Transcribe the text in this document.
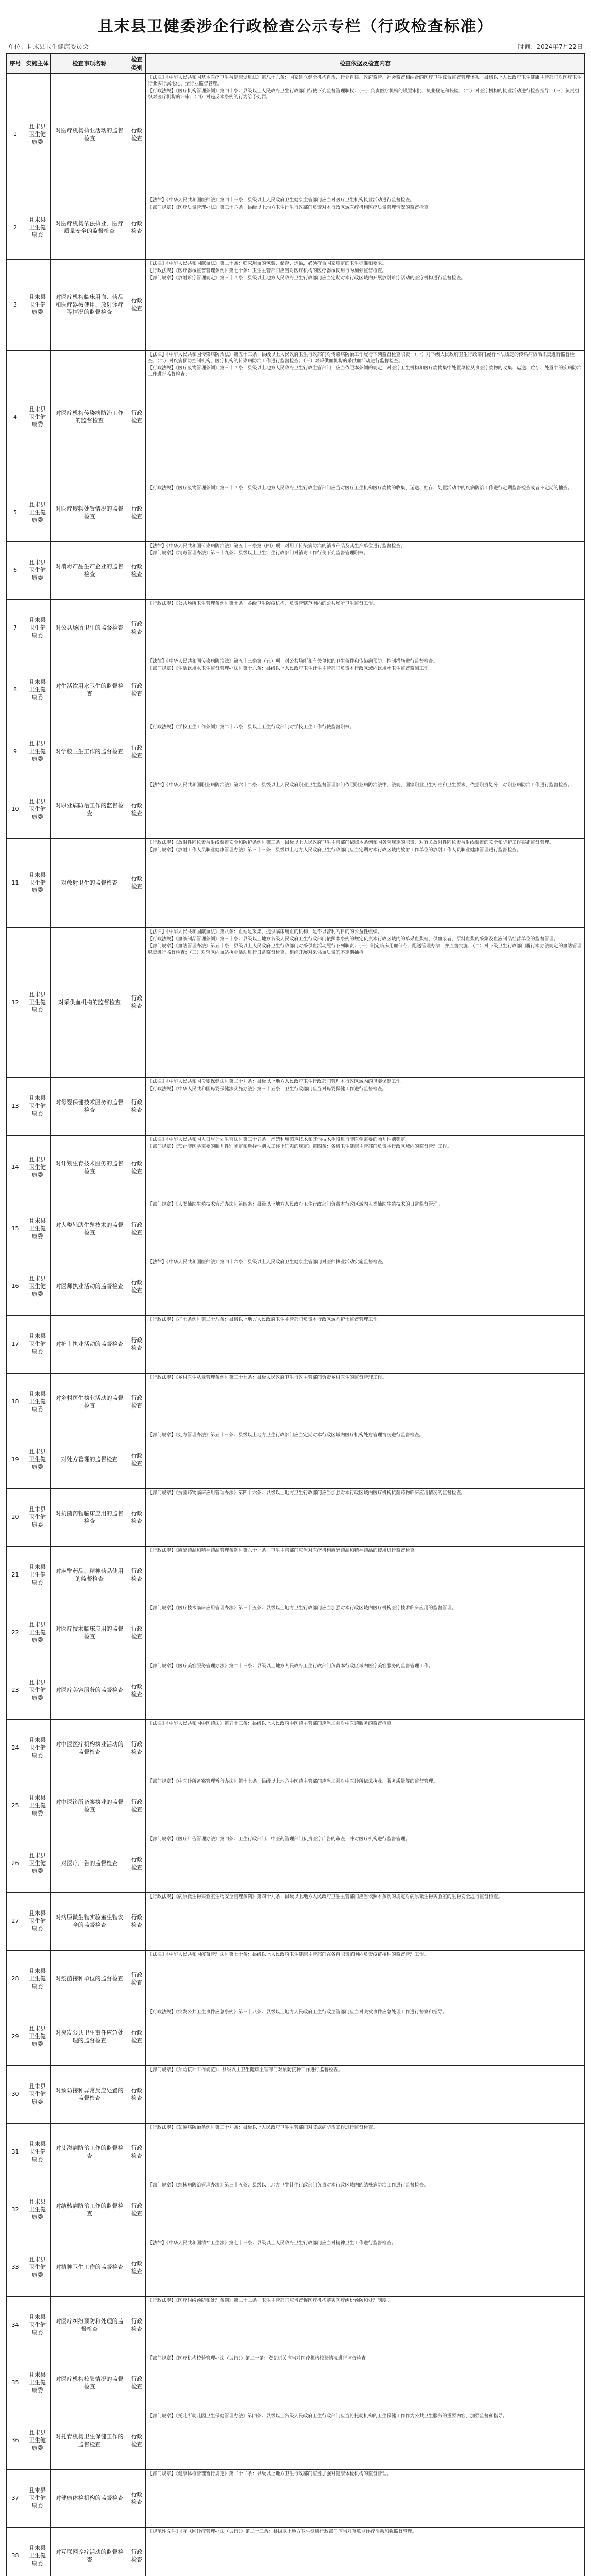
且末县卫健委涉企行政检查公示专栏（行政检查标准）
单位：且末县卫生健康委员会	时间：2024年7月22日
序号	实施主体	检查事项名称	检查类别	检查依据及检查内容
1	且末县卫生健康委	对医疗机构执业活动的监督检查	行政检查	【法律】《中华人民共和国基本医疗卫生与健康促进法》第八十六条：国家建立健全机构自治、行业自律、政府监管、社会监督相结合的医疗卫生综合监督管理体系。县级以上人民政府卫生健康主管部门对医疗卫生行业实行属地化、全行业监督管理。

【行政法规】《医疗机构管理条例》第四十条：县级以上人民政府卫生行政部门行使下列监督管理职权：（一）负责医疗机构的设置审批、执业登记和校验；（二）对医疗机构的执业活动进行检查指导；（三）负责组织对医疗机构的评审；（四）对违反本条例的行为给予处罚。

2	且末县卫生健康委	对医疗机构依法执业、医疗质量安全的监督检查	行政检查	【法律】《中华人民共和国医师法》第四十三条：县级以上人民政府卫生健康主管部门应当对医疗卫生机构执业活动进行监督检查。

【部门规章】《医疗质量管理办法》第三十六条：县级以上地方卫生计生行政部门负责对本行政区域医疗机构医疗质量管理情况的监督检查。

3	且末县卫生健康委	对医疗机构临床用血、药品和医疗器械使用、放射诊疗等情况的监督检查	行政检查	【法律】《中华人民共和国献血法》第二十条：临床用血的包装、储存、运输，必须符合国家规定的卫生标准和要求。

【行政法规】《医疗器械监督管理条例》第七十条：卫生主管部门应当对医疗机构的医疗器械使用行为加强监督检查。

【部门规章】《放射诊疗管理规定》第三十四条：县级以上地方人民政府卫生行政部门应当定期对本行政区域内开展放射诊疗活动的医疗机构进行监督检查。

4	且末县卫生健康委	对医疗机构传染病防治工作的监督检查	行政检查	【法律】《中华人民共和国传染病防治法》第五十三条：县级以上人民政府卫生行政部门对传染病防治工作履行下列监督检查职责：（一）对下级人民政府卫生行政部门履行本法规定的传染病防治职责进行监督检查；（二）对疾病预防控制机构、医疗机构的传染病防治工作进行监督检查；（三）对采供血机构的采供血活动进行监督检查。

【行政法规】《医疗废物管理条例》第三十四条：县级以上地方人民政府卫生行政主管部门，应当依照本条例的规定，对医疗卫生机构和医疗废物集中处置单位从事医疗废物的收集、运送、贮存、处置中的疾病防治工作进行监督检查。

5	且末县卫生健康委	对医疗废物处置情况的监督检查	行政检查	【行政法规】《医疗废物管理条例》第三十四条：县级以上地方人民政府卫生行政主管部门应当对医疗卫生机构医疗废物的收集、运送、贮存、处置活动中的疾病防治工作进行定期监督检查或者不定期的抽查。

6	且末县卫生健康委	对消毒产品生产企业的监督检查	行政检查	【法律】《中华人民共和国传染病防治法》第五十三条第（四）项：对用于传染病防治的消毒产品及其生产单位进行监督检查。

【部门规章】《消毒管理办法》第三十九条：县级以上卫生计生行政部门对消毒工作行使下列监督管理职权。

7	且末县卫生健康委	对公共场所卫生的监督检查	行政检查	【行政法规】《公共场所卫生管理条例》第十条：各级卫生防疫机构，负责管辖范围内的公共场所卫生监督工作。

8	且末县卫生健康委	对生活饮用水卫生的监督检查	行政检查	【法律】《中华人民共和国传染病防治法》第五十三条第（五）项：对公共场所和有关单位的卫生条件和传染病预防、控制措施进行监督检查。

【部门规章】《生活饮用水卫生监督管理办法》第十六条：县级以上人民政府卫生计生主管部门负责本行政区域内饮用水卫生监督监测工作。

9	且末县卫生健康委	对学校卫生工作的监督检查	行政检查	【行政法规】《学校卫生工作条例》第二十八条：县以上卫生行政部门对学校卫生工作行使监督职权。

10	且末县卫生健康委	对职业病防治工作的监督检查	行政检查	【法律】《中华人民共和国职业病防治法》第六十二条：县级以上人民政府职业卫生监督管理部门依照职业病防治法律、法规、国家职业卫生标准和卫生要求，依据职责划分，对职业病防治工作进行监督检查。

11	且末县卫生健康委	对放射卫生的监督检查	行政检查	【行政法规】《放射性同位素与射线装置安全和防护条例》第三条：县级以上人民政府卫生主管部门依照本条例和国务院规定的职责，对有关放射性同位素与射线装置的安全和防护工作实施监督管理。

【部门规章】《放射工作人员职业健康管理办法》第三十三条：县级以上地方人民政府卫生行政部门应当定期对本行政区域内放射工作单位的放射工作人员职业健康管理进行监督检查。

12	且末县卫生健康委	对采供血机构的监督检查	行政检查	【法律】《中华人民共和国献血法》第八条：血站是采集、提供临床用血的机构，是不以营利为目的的公益性组织。

【行政法规】《血液制品管理条例》第三十条：县级以上地方各级人民政府卫生行政部门依照本条例的规定负责本行政区域内的单采血浆站、供血浆者、原料血浆的采集及血液制品经营单位的监督管理。

【部门规章】《血站管理办法》第五十条：县级以上人民政府卫生行政部门对采供血活动履行下列职责：（一）制定临床用血储存、配送管理办法，并监督实施；（二）对下级卫生行政部门履行本办法规定的血站管理职责进行监督检查；（三）对辖区内血站执业活动进行日常监督检查，组织开展对采供血质量的不定期抽检。

13	且末县卫生健康委	对母婴保健技术服务的监督检查	行政检查	【法律】《中华人民共和国母婴保健法》第二十九条：县级以上地方人民政府卫生行政部门管理本行政区域内的母婴保健工作。

【行政法规】《中华人民共和国母婴保健法实施办法》第三十五条：卫生行政部门应当对母婴保健工作进行监督检查。

14	且末县卫生健康委	对计划生育技术服务的监督检查	行政检查	【法律】《中华人民共和国人口与计划生育法》第三十五条：严禁利用超声技术和其他技术手段进行非医学需要的胎儿性别鉴定。

【部门规章】《禁止非医学需要的胎儿性别鉴定和选择性别人工终止妊娠的规定》第四条：各级卫生健康主管部门负责本行政区域内的监督管理工作。

15	且末县卫生健康委	对人类辅助生殖技术的监督检查	行政检查	【部门规章】《人类辅助生殖技术管理办法》第四条：县级以上地方人民政府卫生行政部门负责本行政区域内人类辅助生殖技术的日常监督管理。

16	且末县卫生健康委	对医师执业活动的监督检查	行政检查	【法律】《中华人民共和国医师法》第四十六条：县级以上人民政府卫生健康主管部门对医师执业活动实施监督检查。

17	且末县卫生健康委	对护士执业活动的监督检查	行政检查	【行政法规】《护士条例》第二十八条：县级以上地方人民政府卫生主管部门负责本行政区域内护士监督管理工作。

18	且末县卫生健康委	对乡村医生执业活动的监督检查	行政检查	【行政法规】《乡村医生从业管理条例》第三十七条：县级人民政府卫生行政主管部门负责乡村医生的监督管理工作。

19	且末县卫生健康委	对处方管理的监督检查	行政检查	【部门规章】《处方管理办法》第五十三条：县级以上地方卫生行政部门应当定期对本行政区域内医疗机构处方管理情况进行监督检查。

20	且末县卫生健康委	对抗菌药物临床应用的监督检查	行政检查	【部门规章】《抗菌药物临床应用管理办法》第四十六条：县级以上地方卫生行政部门应当加强对本行政区域内医疗机构抗菌药物临床应用情况的监督检查。

21	且末县卫生健康委	对麻醉药品、精神药品使用的监督检查	行政检查	【行政法规】《麻醉药品和精神药品管理条例》第六十一条：卫生主管部门应当对医疗机构麻醉药品和精神药品的使用进行监督检查。

22	且末县卫生健康委	对医疗技术临床应用的监督检查	行政检查	【部门规章】《医疗技术临床应用管理办法》第三十五条：县级以上地方卫生行政部门应当加强对本行政区域内医疗机构医疗技术临床应用的监督管理。

23	且末县卫生健康委	对医疗美容服务的监督检查	行政检查	【部门规章】《医疗美容服务管理办法》第二十三条：县级以上地方人民政府卫生行政部门负责本行政区域内医疗美容服务的监督管理工作。

24	且末县卫生健康委	对中医医疗机构执业活动的监督检查	行政检查	【法律】《中华人民共和国中医药法》第五十三条：县级以上人民政府中医药主管部门应当加强对中医药服务的监督检查。

25	且末县卫生健康委	对中医诊所备案执业的监督检查	行政检查	【部门规章】《中医诊所备案管理暂行办法》第十七条：县级以上地方中医药主管部门应当加强对中医诊所依法执业、服务质量等的监督管理。

26	且末县卫生健康委	对医疗广告的监督检查	行政检查	【部门规章】《医疗广告管理办法》第四条：卫生行政部门、中医药管理部门负责医疗广告的审查，并对医疗机构进行监督管理。

27	且末县卫生健康委	对病原微生物实验室生物安全的监督检查	行政检查	【行政法规】《病原微生物实验室生物安全管理条例》第四十九条：县级以上地方人民政府卫生主管部门应当依照本条例的规定对病原微生物实验室的生物安全进行监督检查。

28	且末县卫生健康委	对疫苗接种单位的监督检查	行政检查	【法律】《中华人民共和国疫苗管理法》第七十条：县级以上人民政府卫生健康主管部门在各自职责范围内负责疫苗接种的监督管理工作。

29	且末县卫生健康委	对突发公共卫生事件应急处理的监督检查	行政检查	【行政法规】《突发公共卫生事件应急条例》第三十八条：县级以上地方人民政府卫生行政主管部门应当对突发事件应急处理工作进行督察和指导。

30	且末县卫生健康委	对预防接种异常反应处置的监督检查	行政检查	【部门规章】《预防接种工作规范》：县级以上卫生健康主管部门对预防接种工作进行监督检查。

31	且末县卫生健康委	对艾滋病防治工作的监督检查	行政检查	【行政法规】《艾滋病防治条例》第三十九条：县级以上人民政府卫生主管部门对艾滋病防治工作进行监督检查。

32	且末县卫生健康委	对结核病防治工作的监督检查	行政检查	【部门规章】《结核病防治管理办法》第三十五条：县级以上地方卫生计生行政部门负责对本行政区域内的结核病防治工作进行监督检查。

33	且末县卫生健康委	对精神卫生工作的监督检查	行政检查	【法律】《中华人民共和国精神卫生法》第七十三条：县级以上人民政府卫生行政部门应当对精神卫生工作进行监督检查。

34	且末县卫生健康委	对医疗纠纷预防和处理的监督检查	行政检查	【行政法规】《医疗纠纷预防和处理条例》第二十二条：卫生主管部门应当督促医疗机构落实医疗纠纷预防和处理制度。

35	且末县卫生健康委	对医疗机构校验情况的监督检查	行政检查	【部门规章】《医疗机构校验管理办法（试行）》第二十条：登记机关应当对医疗机构校验情况进行监督检查。

36	且末县卫生健康委	对托育机构卫生保健工作的监督检查	行政检查	【部门规章】《托儿所幼儿园卫生保健管理办法》第四条：县级以上各级人民政府卫生行政部门应当将托幼机构的卫生保健工作作为公共卫生服务的重要内容，加强监督和指导。

37	且末县卫生健康委	对健康体检机构的监督检查	行政检查	【部门规章】《健康体检管理暂行规定》第二十二条：县级以上地方卫生行政部门应当加强对健康体检机构的监督管理。

38	且末县卫生健康委	对互联网诊疗活动的监督检查	行政检查	【规范性文件】《互联网诊疗管理办法（试行）》第二十三条：县级以上地方卫生健康行政部门应当对互联网诊疗活动加强监督管理。
